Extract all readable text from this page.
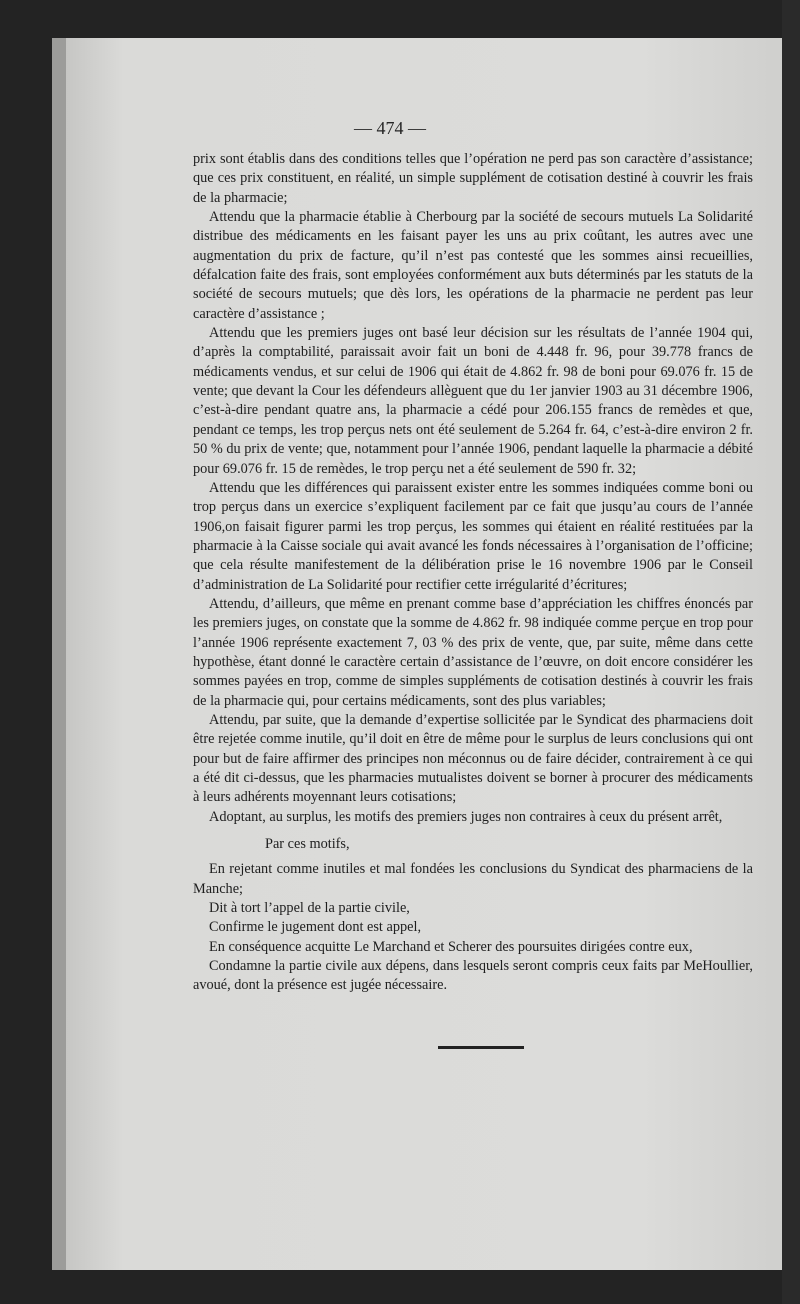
— 474 —

prix sont établis dans des conditions telles que l’opération ne perd pas son caractère d’assistance; que ces prix constituent, en réalité, un simple supplément de cotisation destiné à couvrir les frais de la pharmacie;

Attendu que la pharmacie établie à Cherbourg par la société de secours mutuels La Solidarité distribue des médicaments en les faisant payer les uns au prix coûtant, les autres avec une augmentation du prix de facture, qu’il n’est pas contesté que les sommes ainsi recueillies, défalcation faite des frais, sont employées conformément aux buts déterminés par les statuts de la société de secours mutuels; que dès lors, les opérations de la pharmacie ne perdent pas leur caractère d’assistance ;

Attendu que les premiers juges ont basé leur décision sur les résultats de l’année 1904 qui, d’après la comptabilité, paraissait avoir fait un boni de 4.448 fr. 96, pour 39.778 francs de médicaments vendus, et sur celui de 1906 qui était de 4.862 fr. 98 de boni pour 69.076 fr. 15 de vente; que devant la Cour les défendeurs allèguent que du 1er janvier 1903 au 31 décembre 1906, c’est-à-dire pendant quatre ans, la pharmacie a cédé pour 206.155 francs de remèdes et que, pendant ce temps, les trop perçus nets ont été seulement de 5.264 fr. 64, c’est-à-dire environ 2 fr. 50 % du prix de vente; que, notamment pour l’année 1906, pendant laquelle la pharmacie a débité pour 69.076 fr. 15 de remèdes, le trop perçu net a été seulement de 590 fr. 32;

Attendu que les différences qui paraissent exister entre les sommes indiquées comme boni ou trop perçus dans un exercice s’expliquent facilement par ce fait que jusqu’au cours de l’année 1906,on faisait figurer parmi les trop perçus, les sommes qui étaient en réalité restituées par la pharmacie à la Caisse sociale qui avait avancé les fonds nécessaires à l’organisation de l’officine; que cela résulte manifestement de la délibération prise le 16 novembre 1906 par le Conseil d’administration de La Solidarité pour rectifier cette irrégularité d’écritures;

Attendu, d’ailleurs, que même en prenant comme base d’appréciation les chiffres énoncés par les premiers juges, on constate que la somme de 4.862 fr. 98 indiquée comme perçue en trop pour l’année 1906 représente exactement 7, 03 % des prix de vente, que, par suite, même dans cette hypothèse, étant donné le caractère certain d’assistance de l’œuvre, on doit encore considérer les sommes payées en trop, comme de simples suppléments de cotisation destinés à couvrir les frais de la pharmacie qui, pour certains médicaments, sont des plus variables;

Attendu, par suite, que la demande d’expertise sollicitée par le Syndicat des pharmaciens doit être rejetée comme inutile, qu’il doit en être de même pour le surplus de leurs conclusions qui ont pour but de faire affirmer des principes non méconnus ou de faire décider, contrairement à ce qui a été dit ci-dessus, que les pharmacies mutualistes doivent se borner à procurer des médicaments à leurs adhérents moyennant leurs cotisations;

Adoptant, au surplus, les motifs des premiers juges non contraires à ceux du présent arrêt,

Par ces motifs,

En rejetant comme inutiles et mal fondées les conclusions du Syndicat des pharmaciens de la Manche;

Dit à tort l’appel de la partie civile,

Confirme le jugement dont est appel,

En conséquence acquitte Le Marchand et Scherer des poursuites dirigées contre eux,

Condamne la partie civile aux dépens, dans lesquels seront compris ceux faits par MeHoullier, avoué, dont la présence est jugée nécessaire.
